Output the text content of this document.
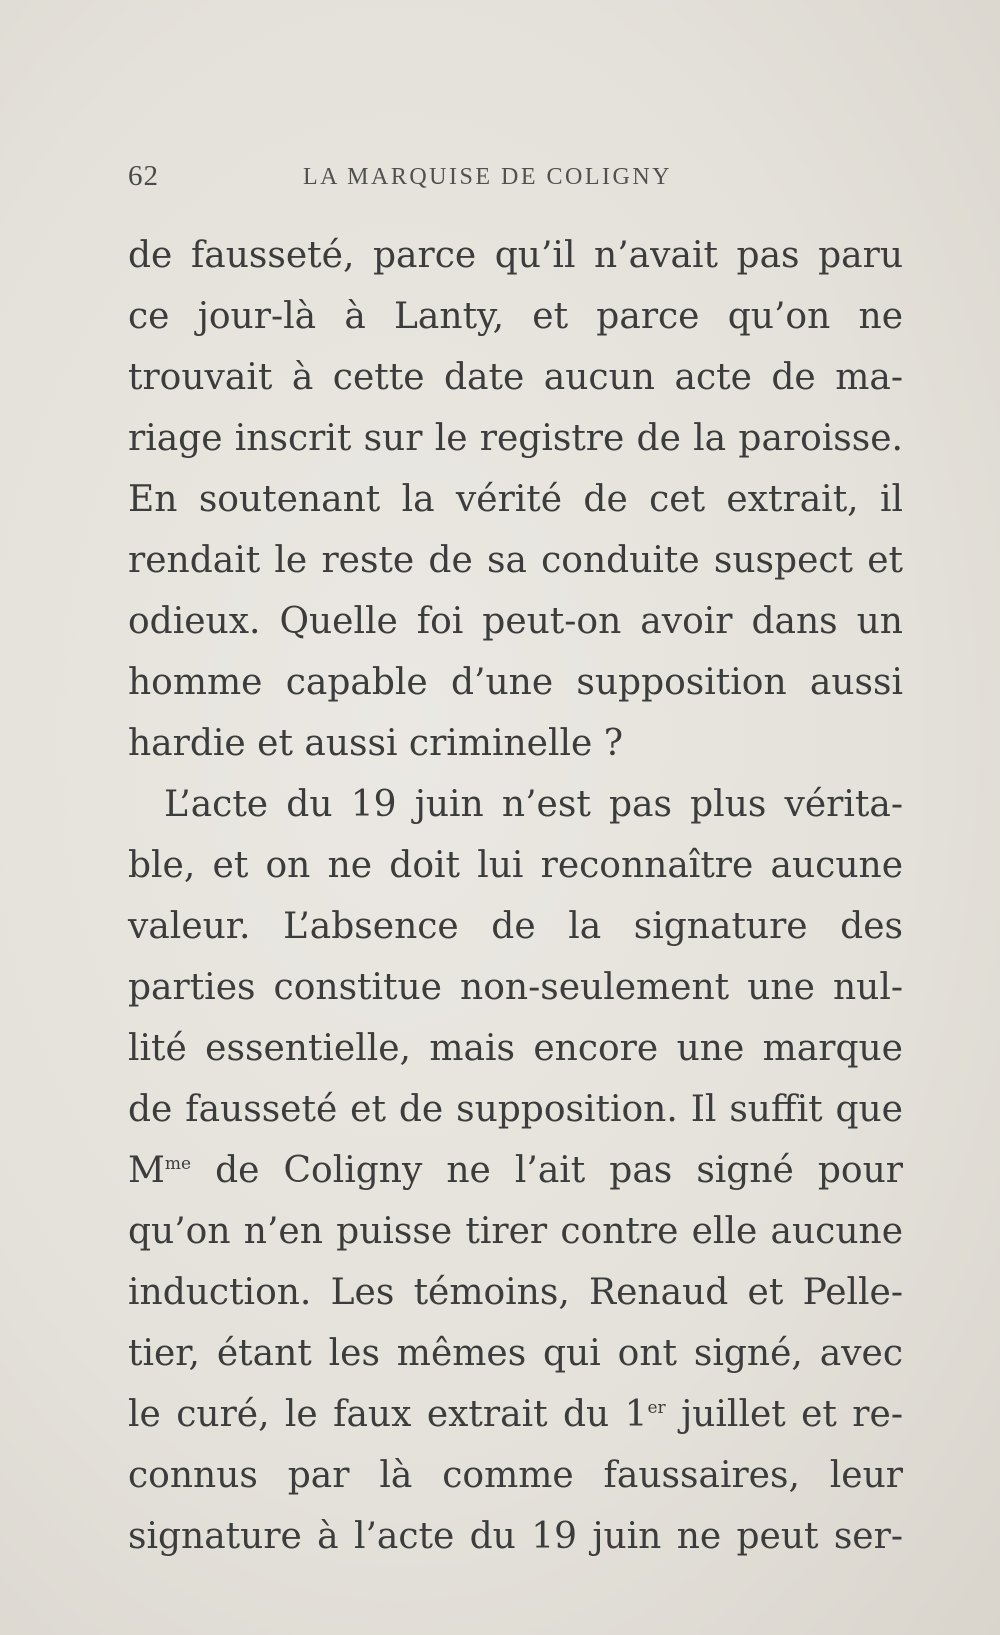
62	LA MARQUISE DE COLIGNY
de fausseté, parce qu’il n’avait pas paru
ce jour-là à Lanty, et parce qu’on ne
trouvait à cette date aucun acte de ma-
riage inscrit sur le registre de la paroisse.
En soutenant la vérité de cet extrait, il
rendait le reste de sa conduite suspect et
odieux. Quelle foi peut-on avoir dans un
homme capable d’une supposition aussi
hardie et aussi criminelle ?
L’acte du 19 juin n’est pas plus vérita-
ble, et on ne doit lui reconnaître aucune
valeur. L’absence de la signature des
parties constitue non-seulement une nul-
lité essentielle, mais encore une marque
de fausseté et de supposition. Il suffit que
$M^{me}$ de Coligny ne l’ait pas signé pour
qu’on n’en puisse tirer contre elle aucune
induction. Les témoins, Renaud et Pelle-
tier, étant les mêmes qui ont signé, avec
le curé, le faux extrait du 1er juillet et re-
connus par là comme faussaires, leur
signature à l’acte du 19 juin ne peut ser-
